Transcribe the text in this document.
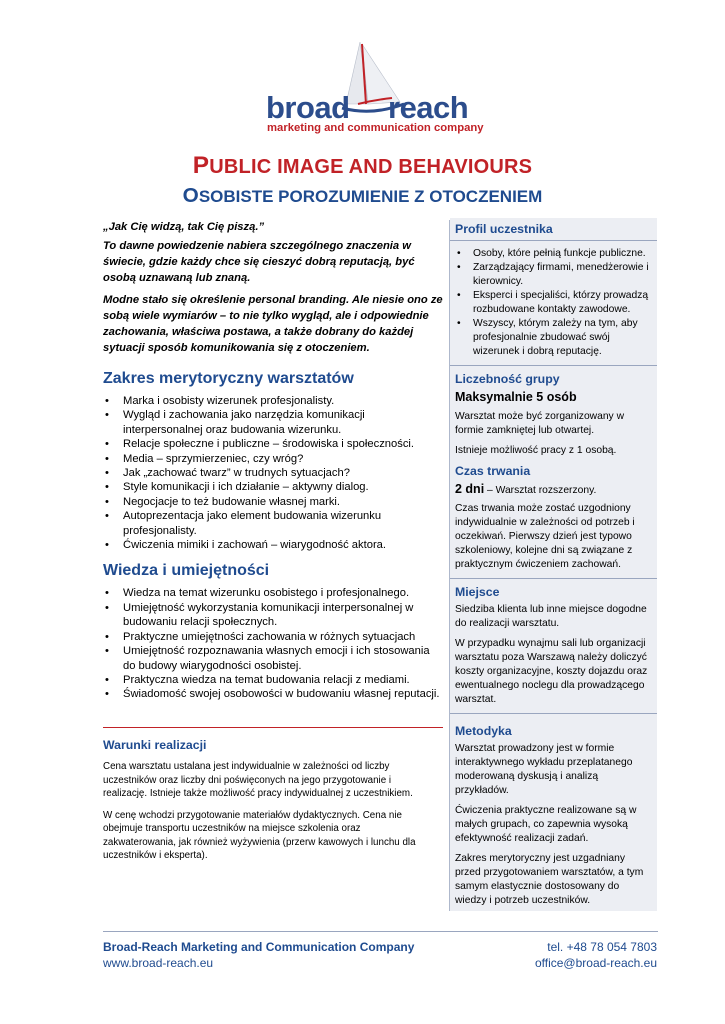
broad reach
marketing and communication company
PUBLIC IMAGE AND BEHAVIOURS
OSOBISTE POROZUMIENIE Z OTOCZENIEM

„Jak Cię widzą, tak Cię piszą.”

To dawne powiedzenie nabiera szczególnego znaczenia w świecie, gdzie każdy chce się cieszyć dobrą reputacją, być osobą uznawaną lub znaną.

Modne stało się określenie personal branding. Ale niesie ono ze sobą wiele wymiarów – to nie tylko wygląd, ale i odpowiednie zachowania, właściwa postawa, a także dobrany do każdej sytuacji sposób komunikowania się z otoczeniem.

Zakres merytoryczny warsztatów
• Marka i osobisty wizerunek profesjonalisty.
• Wygląd i zachowania jako narzędzia komunikacji interpersonalnej oraz budowania wizerunku.
• Relacje społeczne i publiczne – środowiska i społeczności.
• Media – sprzymierzeniec, czy wróg?
• Jak „zachować twarz” w trudnych sytuacjach?
• Style komunikacji i ich działanie – aktywny dialog.
• Negocjacje to też budowanie własnej marki.
• Autoprezentacja jako element budowania wizerunku profesjonalisty.
• Ćwiczenia mimiki i zachowań – wiarygodność aktora.
Wiedza i umiejętności
• Wiedza na temat wizerunku osobistego i profesjonalnego.
• Umiejętność wykorzystania komunikacji interpersonalnej w budowaniu relacji społecznych.
• Praktyczne umiejętności zachowania w różnych sytuacjach
• Umiejętność rozpoznawania własnych emocji i ich stosowania do budowy wiarygodności osobistej.
• Praktyczna wiedza na temat budowania relacji z mediami.
• Świadomość swojej osobowości w budowaniu własnej reputacji.
Warunki realizacji

Cena warsztatu ustalana jest indywidualnie w zależności od liczby uczestników oraz liczby dni poświęconych na jego przygotowanie i realizację. Istnieje także możliwość pracy indywidualnej z uczestnikiem.

W cenę wchodzi przygotowanie materiałów dydaktycznych. Cena nie obejmuje transportu uczestników na miejsce szkolenia oraz zakwaterowania, jak również wyżywienia (przerw kawowych i lunchu dla uczestników i eksperta).

Profil uczestnika
• Osoby, które pełnią funkcje publiczne.
• Zarządzający firmami, menedżerowie i kierownicy.
• Eksperci i specjaliści, którzy prowadzą rozbudowane kontakty zawodowe.
• Wszyscy, którym zależy na tym, aby profesjonalnie zbudować swój wizerunek i dobrą reputację.
Liczebność grupy
Maksymalnie 5 osób

Warsztat może być zorganizowany w formie zamkniętej lub otwartej.

Istnieje możliwość pracy z 1 osobą.

Czas trwania
2 dni – Warsztat rozszerzony.

Czas trwania może zostać uzgodniony indywidualnie w zależności od potrzeb i oczekiwań. Pierwszy dzień jest typowo szkoleniowy, kolejne dni są związane z praktycznym ćwiczeniem zachowań.

Miejsce

Siedziba klienta lub inne miejsce dogodne do realizacji warsztatu.

W przypadku wynajmu sali lub organizacji warsztatu poza Warszawą należy doliczyć koszty organizacyjne, koszty dojazdu oraz ewentualnego noclegu dla prowadzącego warsztat.

Metodyka

Warsztat prowadzony jest w formie interaktywnego wykładu przeplatanego moderowaną dyskusją i analizą przykładów.

Ćwiczenia praktyczne realizowane są w małych grupach, co zapewnia wysoką efektywność realizacji zadań.

Zakres merytoryczny jest uzgadniany przed przygotowaniem warsztatów, a tym samym elastycznie dostosowany do wiedzy i potrzeb uczestników.

Broad-Reach Marketing and Communication Company
www.broad-reach.eu
tel. +48 78 054 7803
office@broad-reach.eu
